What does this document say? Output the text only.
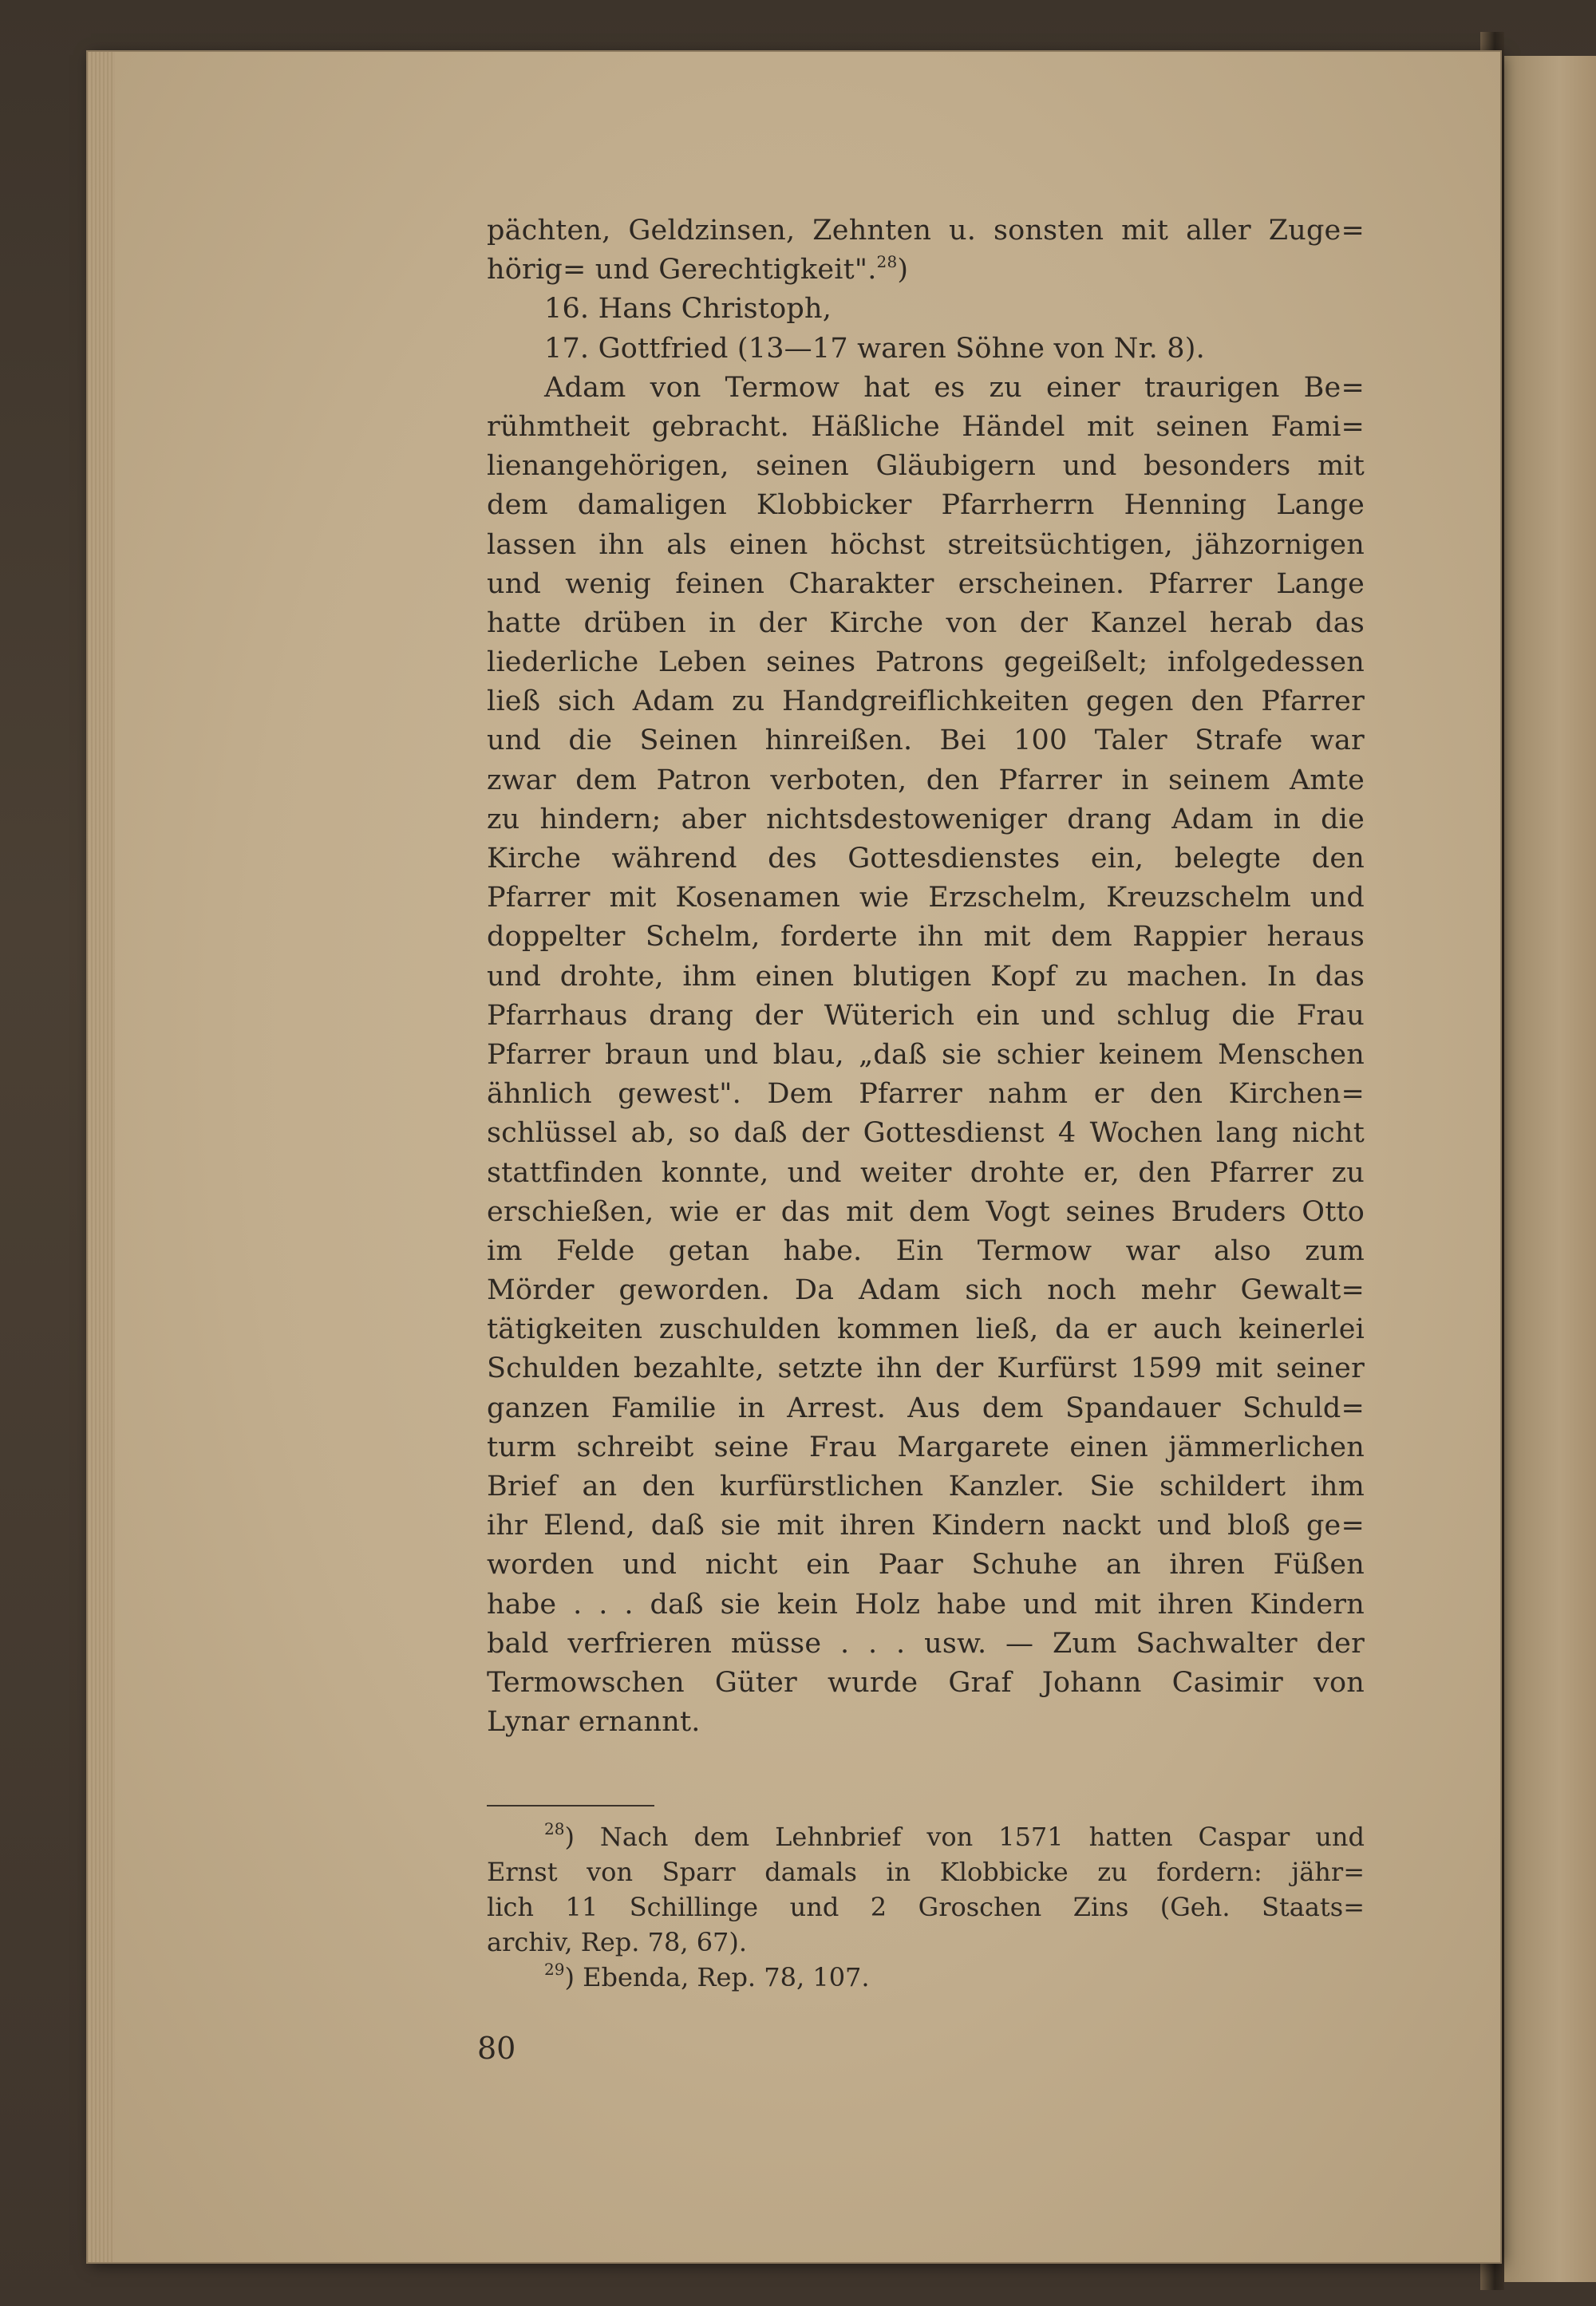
pächten, Geldzinsen, Zehnten u. sonsten mit aller Zuge=
hörig= und Gerechtigkeit".$^{28}$)
16. Hans Christoph,
17. Gottfried (13—17 waren Söhne von Nr. 8).
Adam von Termow hat es zu einer traurigen Be=
rühmtheit gebracht. Häßliche Händel mit seinen Fami=
lienangehörigen, seinen Gläubigern und besonders mit
dem damaligen Klobbicker Pfarrherrn Henning Lange
lassen ihn als einen höchst streitsüchtigen, jähzornigen
und wenig feinen Charakter erscheinen. Pfarrer Lange
hatte drüben in der Kirche von der Kanzel herab das
liederliche Leben seines Patrons gegeißelt; infolgedessen
ließ sich Adam zu Handgreiflichkeiten gegen den Pfarrer
und die Seinen hinreißen. Bei 100 Taler Strafe war
zwar dem Patron verboten, den Pfarrer in seinem Amte
zu hindern; aber nichtsdestoweniger drang Adam in die
Kirche während des Gottesdienstes ein, belegte den
Pfarrer mit Kosenamen wie Erzschelm, Kreuzschelm und
doppelter Schelm, forderte ihn mit dem Rappier heraus
und drohte, ihm einen blutigen Kopf zu machen. In das
Pfarrhaus drang der Wüterich ein und schlug die Frau
Pfarrer braun und blau, „daß sie schier keinem Menschen
ähnlich gewest". Dem Pfarrer nahm er den Kirchen=
schlüssel ab, so daß der Gottesdienst 4 Wochen lang nicht
stattfinden konnte, und weiter drohte er, den Pfarrer zu
erschießen, wie er das mit dem Vogt seines Bruders Otto
im Felde getan habe. Ein Termow war also zum
Mörder geworden. Da Adam sich noch mehr Gewalt=
tätigkeiten zuschulden kommen ließ, da er auch keinerlei
Schulden bezahlte, setzte ihn der Kurfürst 1599 mit seiner
ganzen Familie in Arrest. Aus dem Spandauer Schuld=
turm schreibt seine Frau Margarete einen jämmerlichen
Brief an den kurfürstlichen Kanzler. Sie schildert ihm
ihr Elend, daß sie mit ihren Kindern nackt und bloß ge=
worden und nicht ein Paar Schuhe an ihren Füßen
habe . . . daß sie kein Holz habe und mit ihren Kindern
bald verfrieren müsse . . . usw. — Zum Sachwalter der
Termowschen Güter wurde Graf Johann Casimir von
Lynar ernannt.
$^{28}$) Nach dem Lehnbrief von 1571 hatten Caspar und
Ernst von Sparr damals in Klobbicke zu fordern: jähr=
lich 11 Schillinge und 2 Groschen Zins (Geh. Staats=
archiv, Rep. 78, 67).
$^{29}$) Ebenda, Rep. 78, 107.
80
